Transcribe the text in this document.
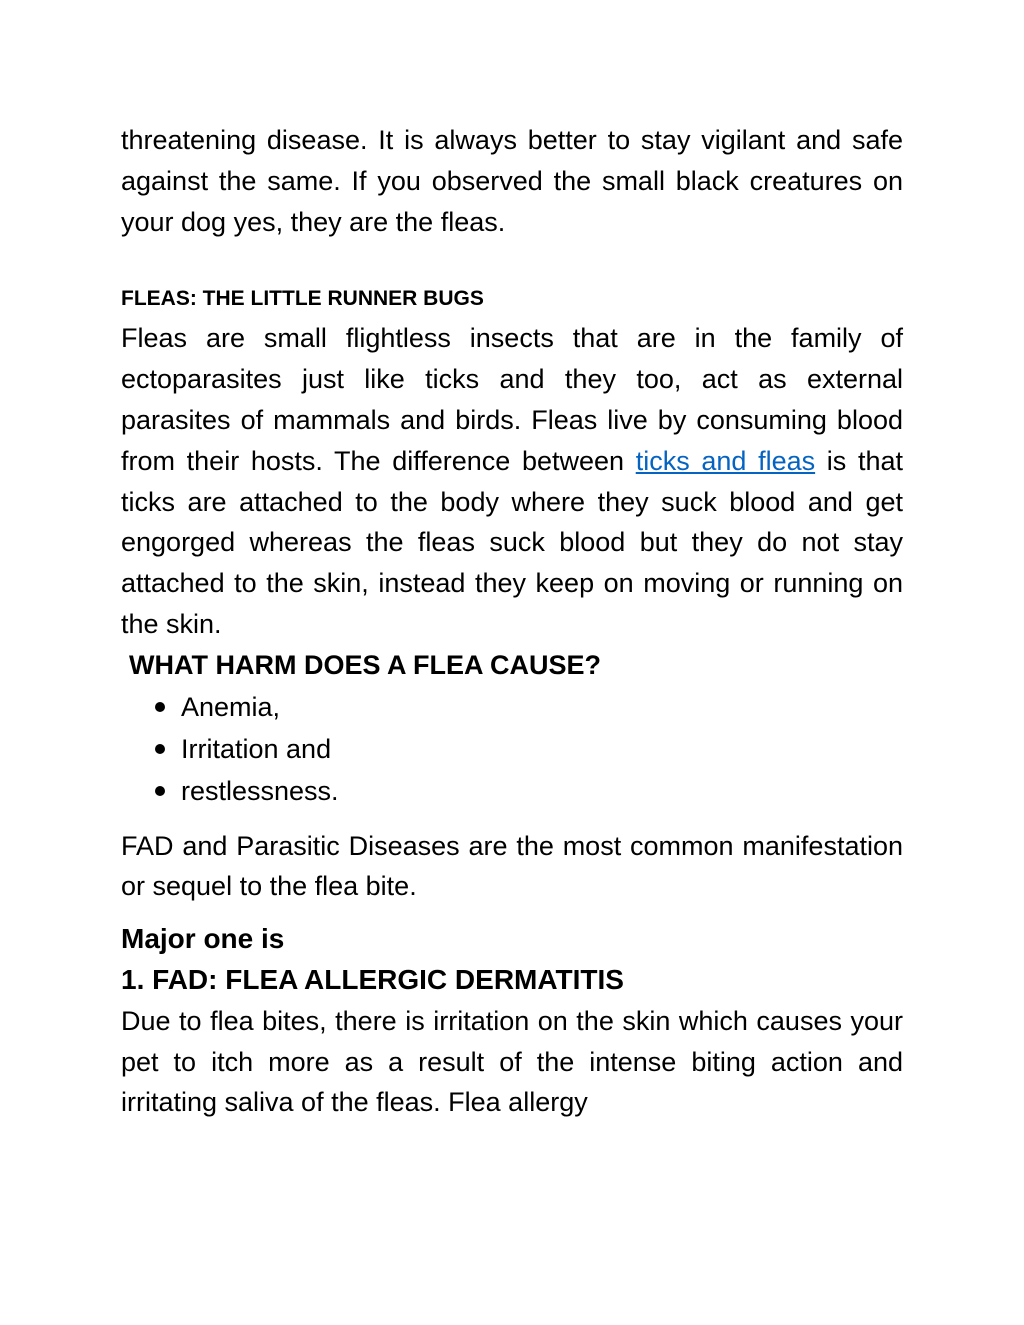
threatening disease. It is always better to stay vigilant and safe against the same. If you observed the small black creatures on your dog yes, they are the fleas.

FLEAS: THE LITTLE RUNNER BUGS

Fleas are small flightless insects that are in the family of ectoparasites just like ticks and they too, act as external parasites of mammals and birds. Fleas live by consuming blood from their hosts. The difference between ticks and fleas is that ticks are attached to the body where they suck blood and get engorged whereas the fleas suck blood but they do not stay attached to the skin, instead they keep on moving or running on the skin.

WHAT HARM DOES A FLEA CAUSE?
Anemia,
Irritation and
restlessness.

FAD and Parasitic Diseases are the most common manifestation or sequel to the flea bite.

Major one is
1. FAD: FLEA ALLERGIC DERMATITIS

Due to flea bites, there is irritation on the skin which causes your pet to itch more as a result of the intense biting action and irritating saliva of the fleas. Flea allergy
